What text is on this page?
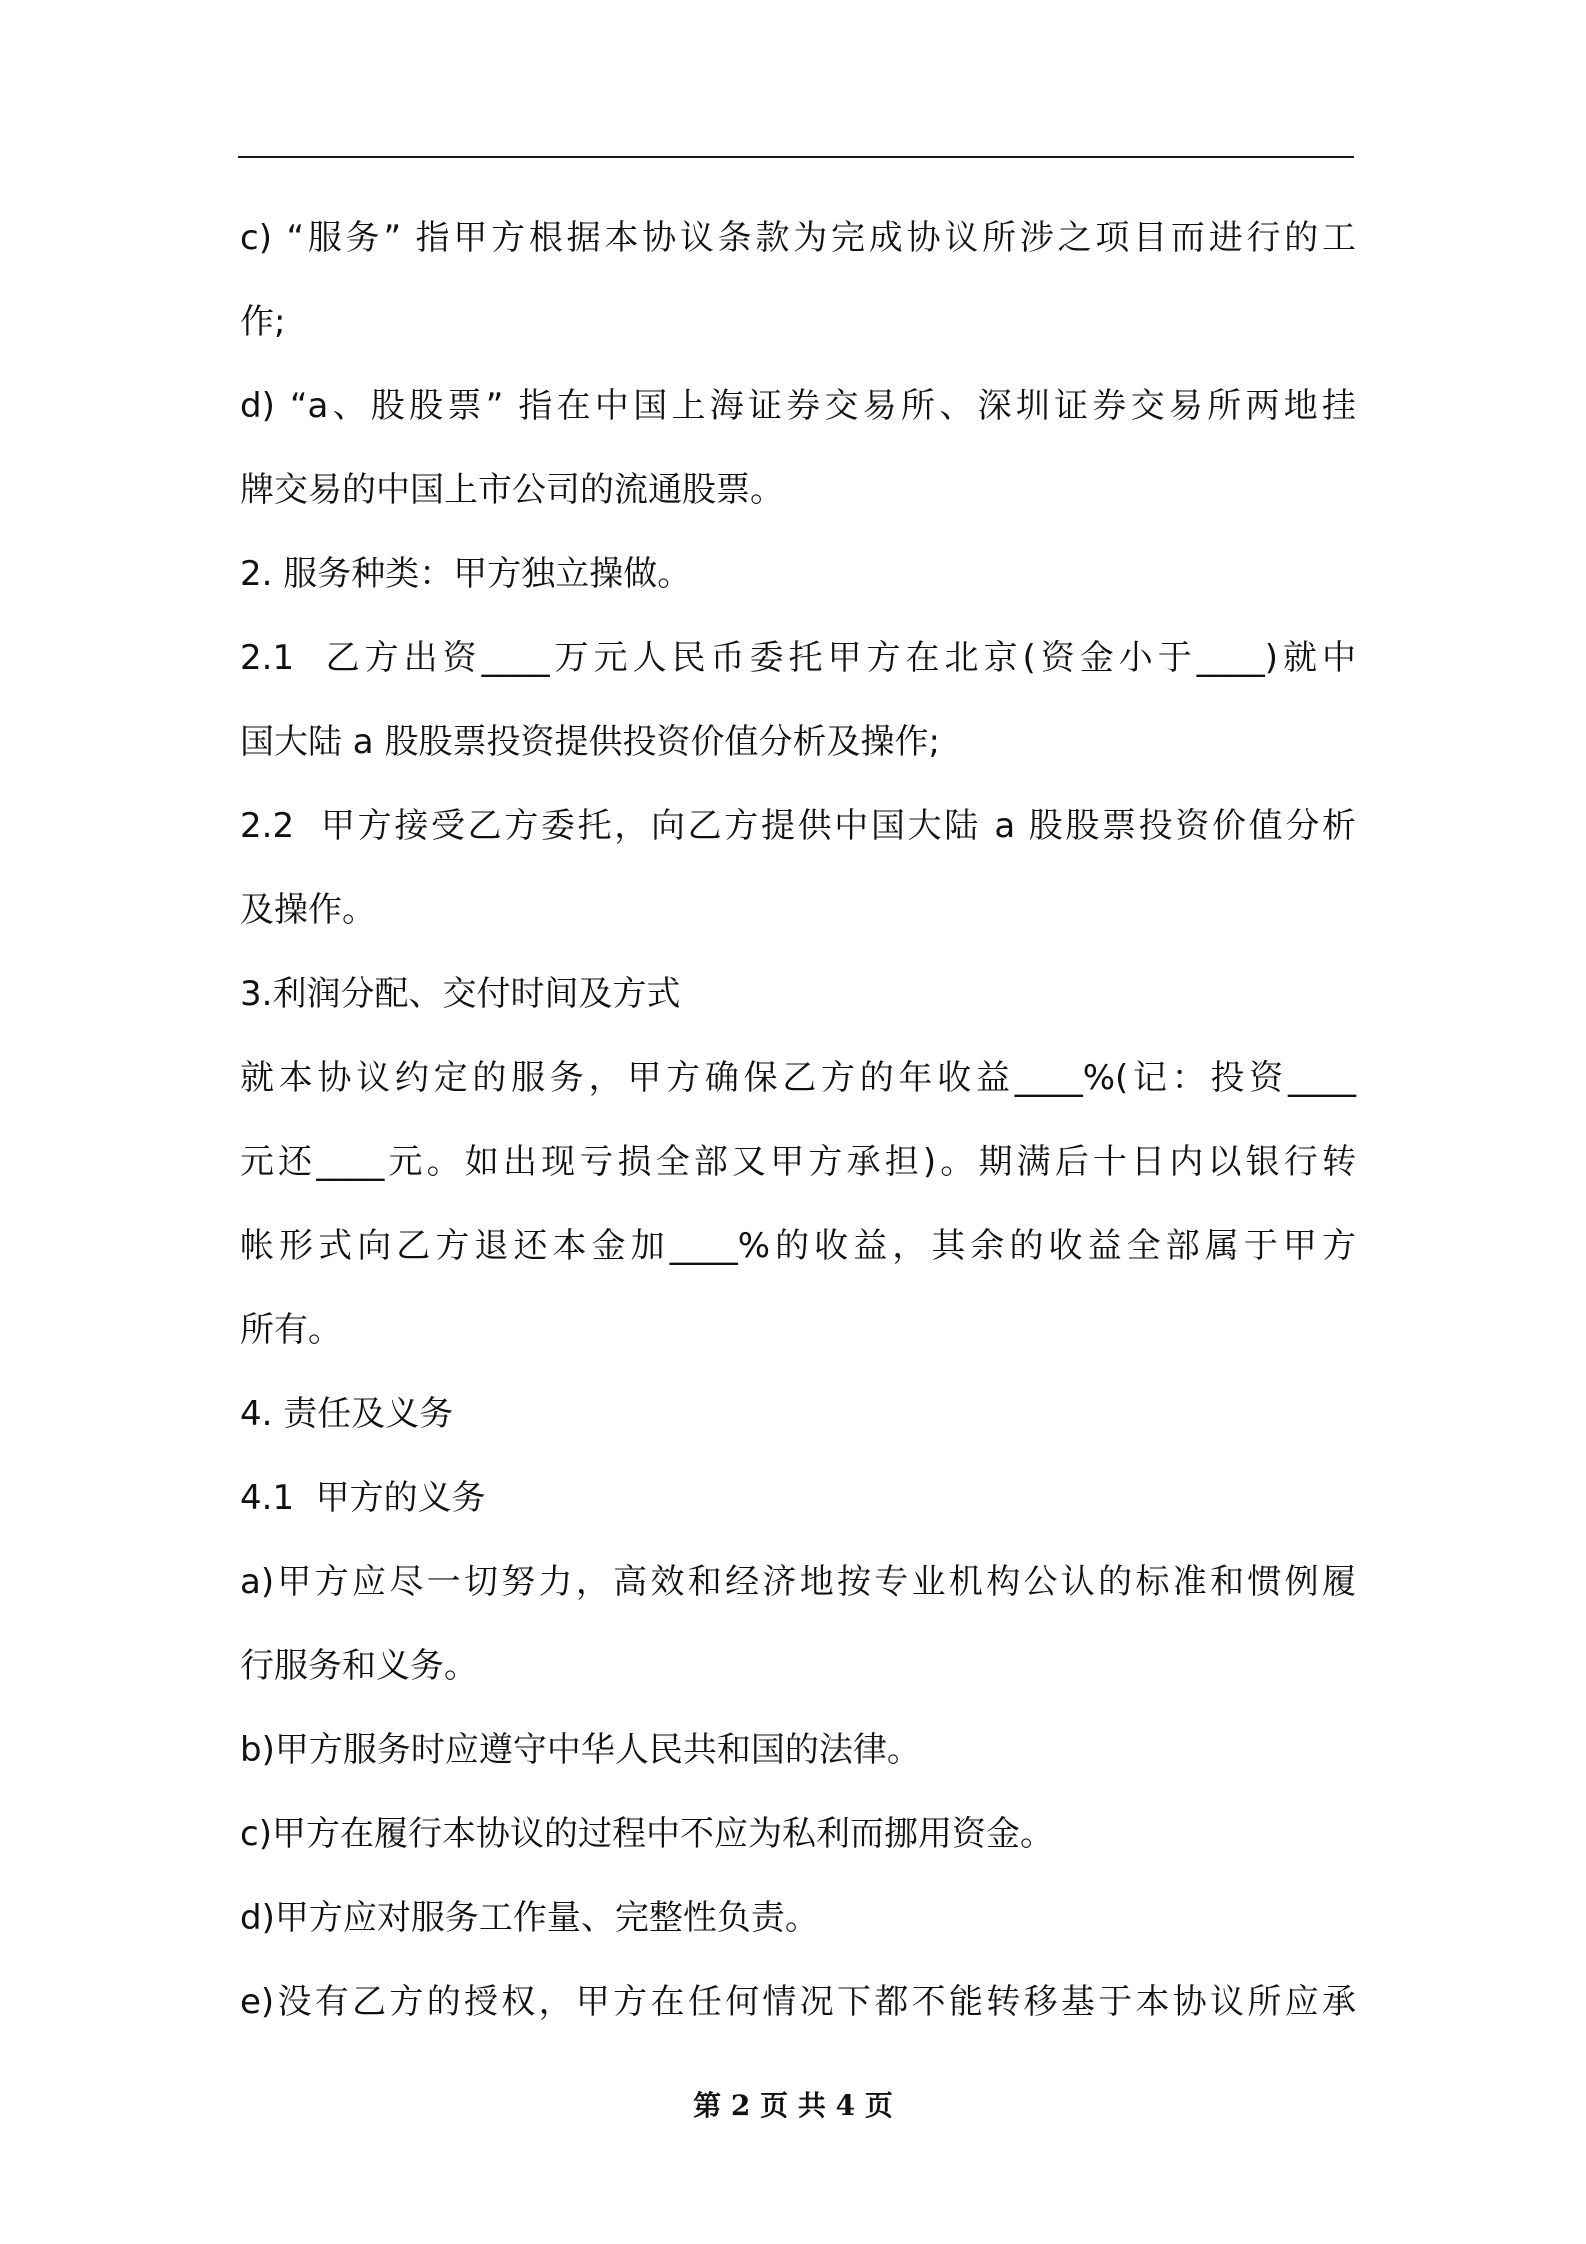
c) “服务” 指甲方根据本协议条款为完成协议所涉之项目而进行的工
作;
d) “a、股股票” 指在中国上海证券交易所、深圳证券交易所两地挂
牌交易的中国上市公司的流通股票。
2. 服务种类：甲方独立操做。
2.1  乙方出资____万元人民币委托甲方在北京(资金小于____)就中
国大陆 a 股股票投资提供投资价值分析及操作;
2.2  甲方接受乙方委托，向乙方提供中国大陆 a 股股票投资价值分析
及操作。
3.利润分配、交付时间及方式
就本协议约定的服务，甲方确保乙方的年收益____%(记：投资____
元还____元。如出现亏损全部又甲方承担)。期满后十日内以银行转
帐形式向乙方退还本金加____%的收益，其余的收益全部属于甲方
所有。
4. 责任及义务
4.1  甲方的义务
a)甲方应尽一切努力，高效和经济地按专业机构公认的标准和惯例履
行服务和义务。
b)甲方服务时应遵守中华人民共和国的法律。
c)甲方在履行本协议的过程中不应为私利而挪用资金。
d)甲方应对服务工作量、完整性负责。
e)没有乙方的授权，甲方在任何情况下都不能转移基于本协议所应承
第 2 页 共 4 页
